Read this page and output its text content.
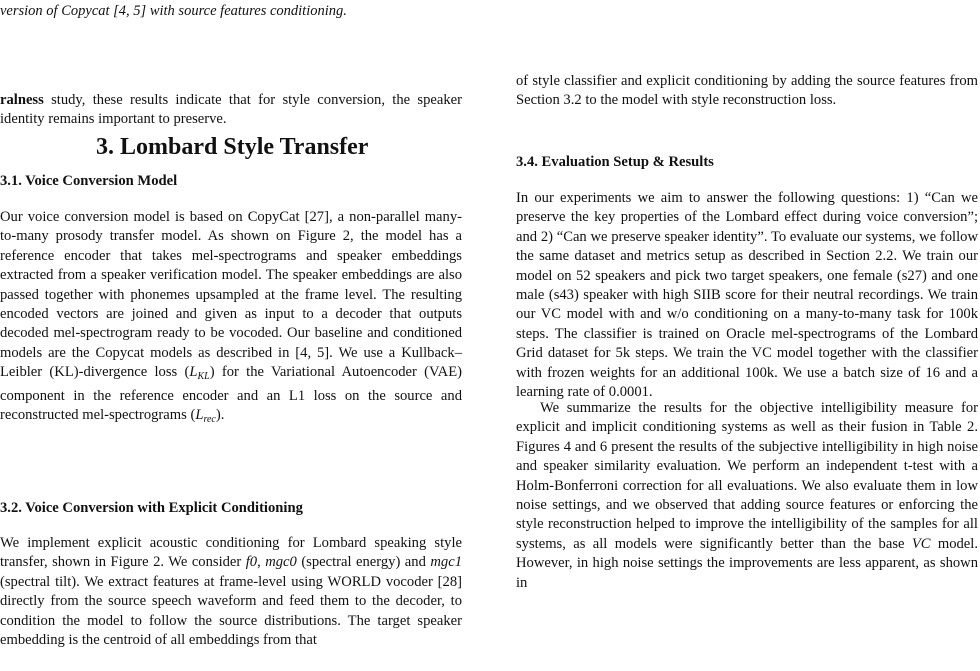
version of Copycat [4, 5] with source features conditioning.

ralness study, these results indicate that for style conversion, the speaker identity remains important to preserve.

3. Lombard Style Transfer
3.1. Voice Conversion Model

Our voice conversion model is based on CopyCat [27], a non-parallel many-to-many prosody transfer model. As shown on Figure 2, the model has a reference encoder that takes mel-spectrograms and speaker embeddings extracted from a speaker verification model. The speaker embeddings are also passed together with phonemes upsampled at the frame level. The resulting encoded vectors are joined and given as input to a decoder that outputs decoded mel-spectrogram ready to be vocoded. Our baseline and conditioned models are the Copycat models as described in [4, 5]. We use a Kullback–Leibler (KL)-divergence loss $(L_{KL})$ for the Variational Autoencoder (VAE) component in the reference encoder and an L1 loss on the source and reconstructed mel-spectrograms $(L_{rec})$.

3.2. Voice Conversion with Explicit Conditioning

We implement explicit acoustic conditioning for Lombard speaking style transfer, shown in Figure 2. We consider f0, mgc0 (spectral energy) and mgc1 (spectral tilt). We extract features at frame-level using WORLD vocoder [28] directly from the source speech waveform and feed them to the decoder, to condition the model to follow the source distributions. The target speaker embedding is the centroid of all embeddings from that

of style classifier and explicit conditioning by adding the source features from Section 3.2 to the model with style reconstruction loss.

3.4. Evaluation Setup & Results

In our experiments we aim to answer the following questions: 1) “Can we preserve the key properties of the Lombard effect during voice conversion”; and 2) “Can we preserve speaker identity”. To evaluate our systems, we follow the same dataset and metrics setup as described in Section 2.2. We train our model on 52 speakers and pick two target speakers, one female (s27) and one male (s43) speaker with high SIIB score for their neutral recordings. We train our VC model with and w/o conditioning on a many-to-many task for 100k steps. The classifier is trained on Oracle mel-spectrograms of the Lombard Grid dataset for 5k steps. We train the VC model together with the classifier with frozen weights for an additional 100k. We use a batch size of 16 and a learning rate of 0.0001.

We summarize the results for the objective intelligibility measure for explicit and implicit conditioning systems as well as their fusion in Table 2. Figures 4 and 6 present the results of the subjective intelligibility in high noise and speaker similarity evaluation. We perform an independent t-test with a Holm-Bonferroni correction for all evaluations. We also evaluate them in low noise settings, and we observed that adding source features or enforcing the style reconstruction helped to improve the intelligibility of the samples for all systems, as all models were significantly better than the base VC model. However, in high noise settings the improvements are less apparent, as shown in
